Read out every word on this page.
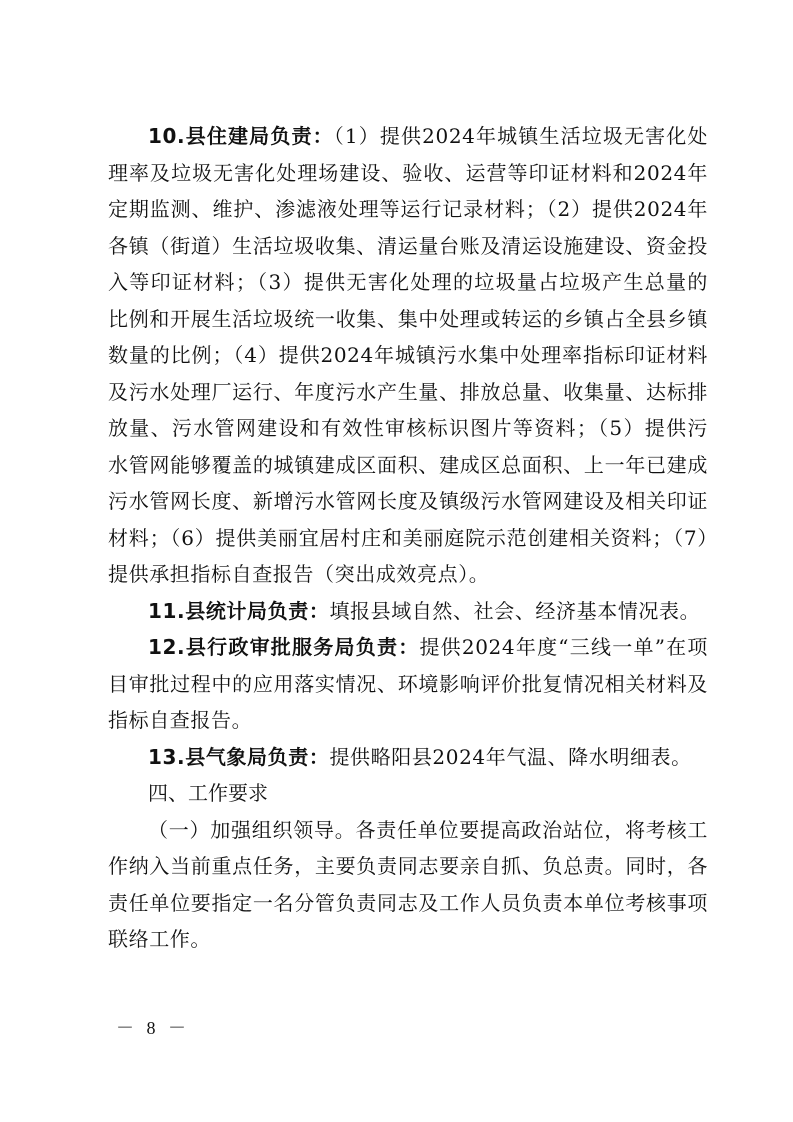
10.县住建局负责：（1）提供2024年城镇生活垃圾无害化处理率及垃圾无害化处理场建设、验收、运营等印证材料和2024年定期监测、维护、渗滤液处理等运行记录材料；（2）提供2024年各镇（街道）生活垃圾收集、清运量台账及清运设施建设、资金投入等印证材料；（3）提供无害化处理的垃圾量占垃圾产生总量的比例和开展生活垃圾统一收集、集中处理或转运的乡镇占全县乡镇数量的比例；（4）提供2024年城镇污水集中处理率指标印证材料及污水处理厂运行、年度污水产生量、排放总量、收集量、达标排放量、污水管网建设和有效性审核标识图片等资料；（5）提供污水管网能够覆盖的城镇建成区面积、建成区总面积、上一年已建成污水管网长度、新增污水管网长度及镇级污水管网建设及相关印证材料；（6）提供美丽宜居村庄和美丽庭院示范创建相关资料；（7）提供承担指标自查报告（突出成效亮点）。

11.县统计局负责：填报县域自然、社会、经济基本情况表。

12.县行政审批服务局负责：提供2024年度“三线一单”在项目审批过程中的应用落实情况、环境影响评价批复情况相关材料及指标自查报告。

13.县气象局负责：提供略阳县2024年气温、降水明细表。

四、工作要求

（一）加强组织领导。各责任单位要提高政治站位，将考核工作纳入当前重点任务，主要负责同志要亲自抓、负总责。同时，各责任单位要指定一名分管负责同志及工作人员负责本单位考核事项联络工作。

－ 8 －
